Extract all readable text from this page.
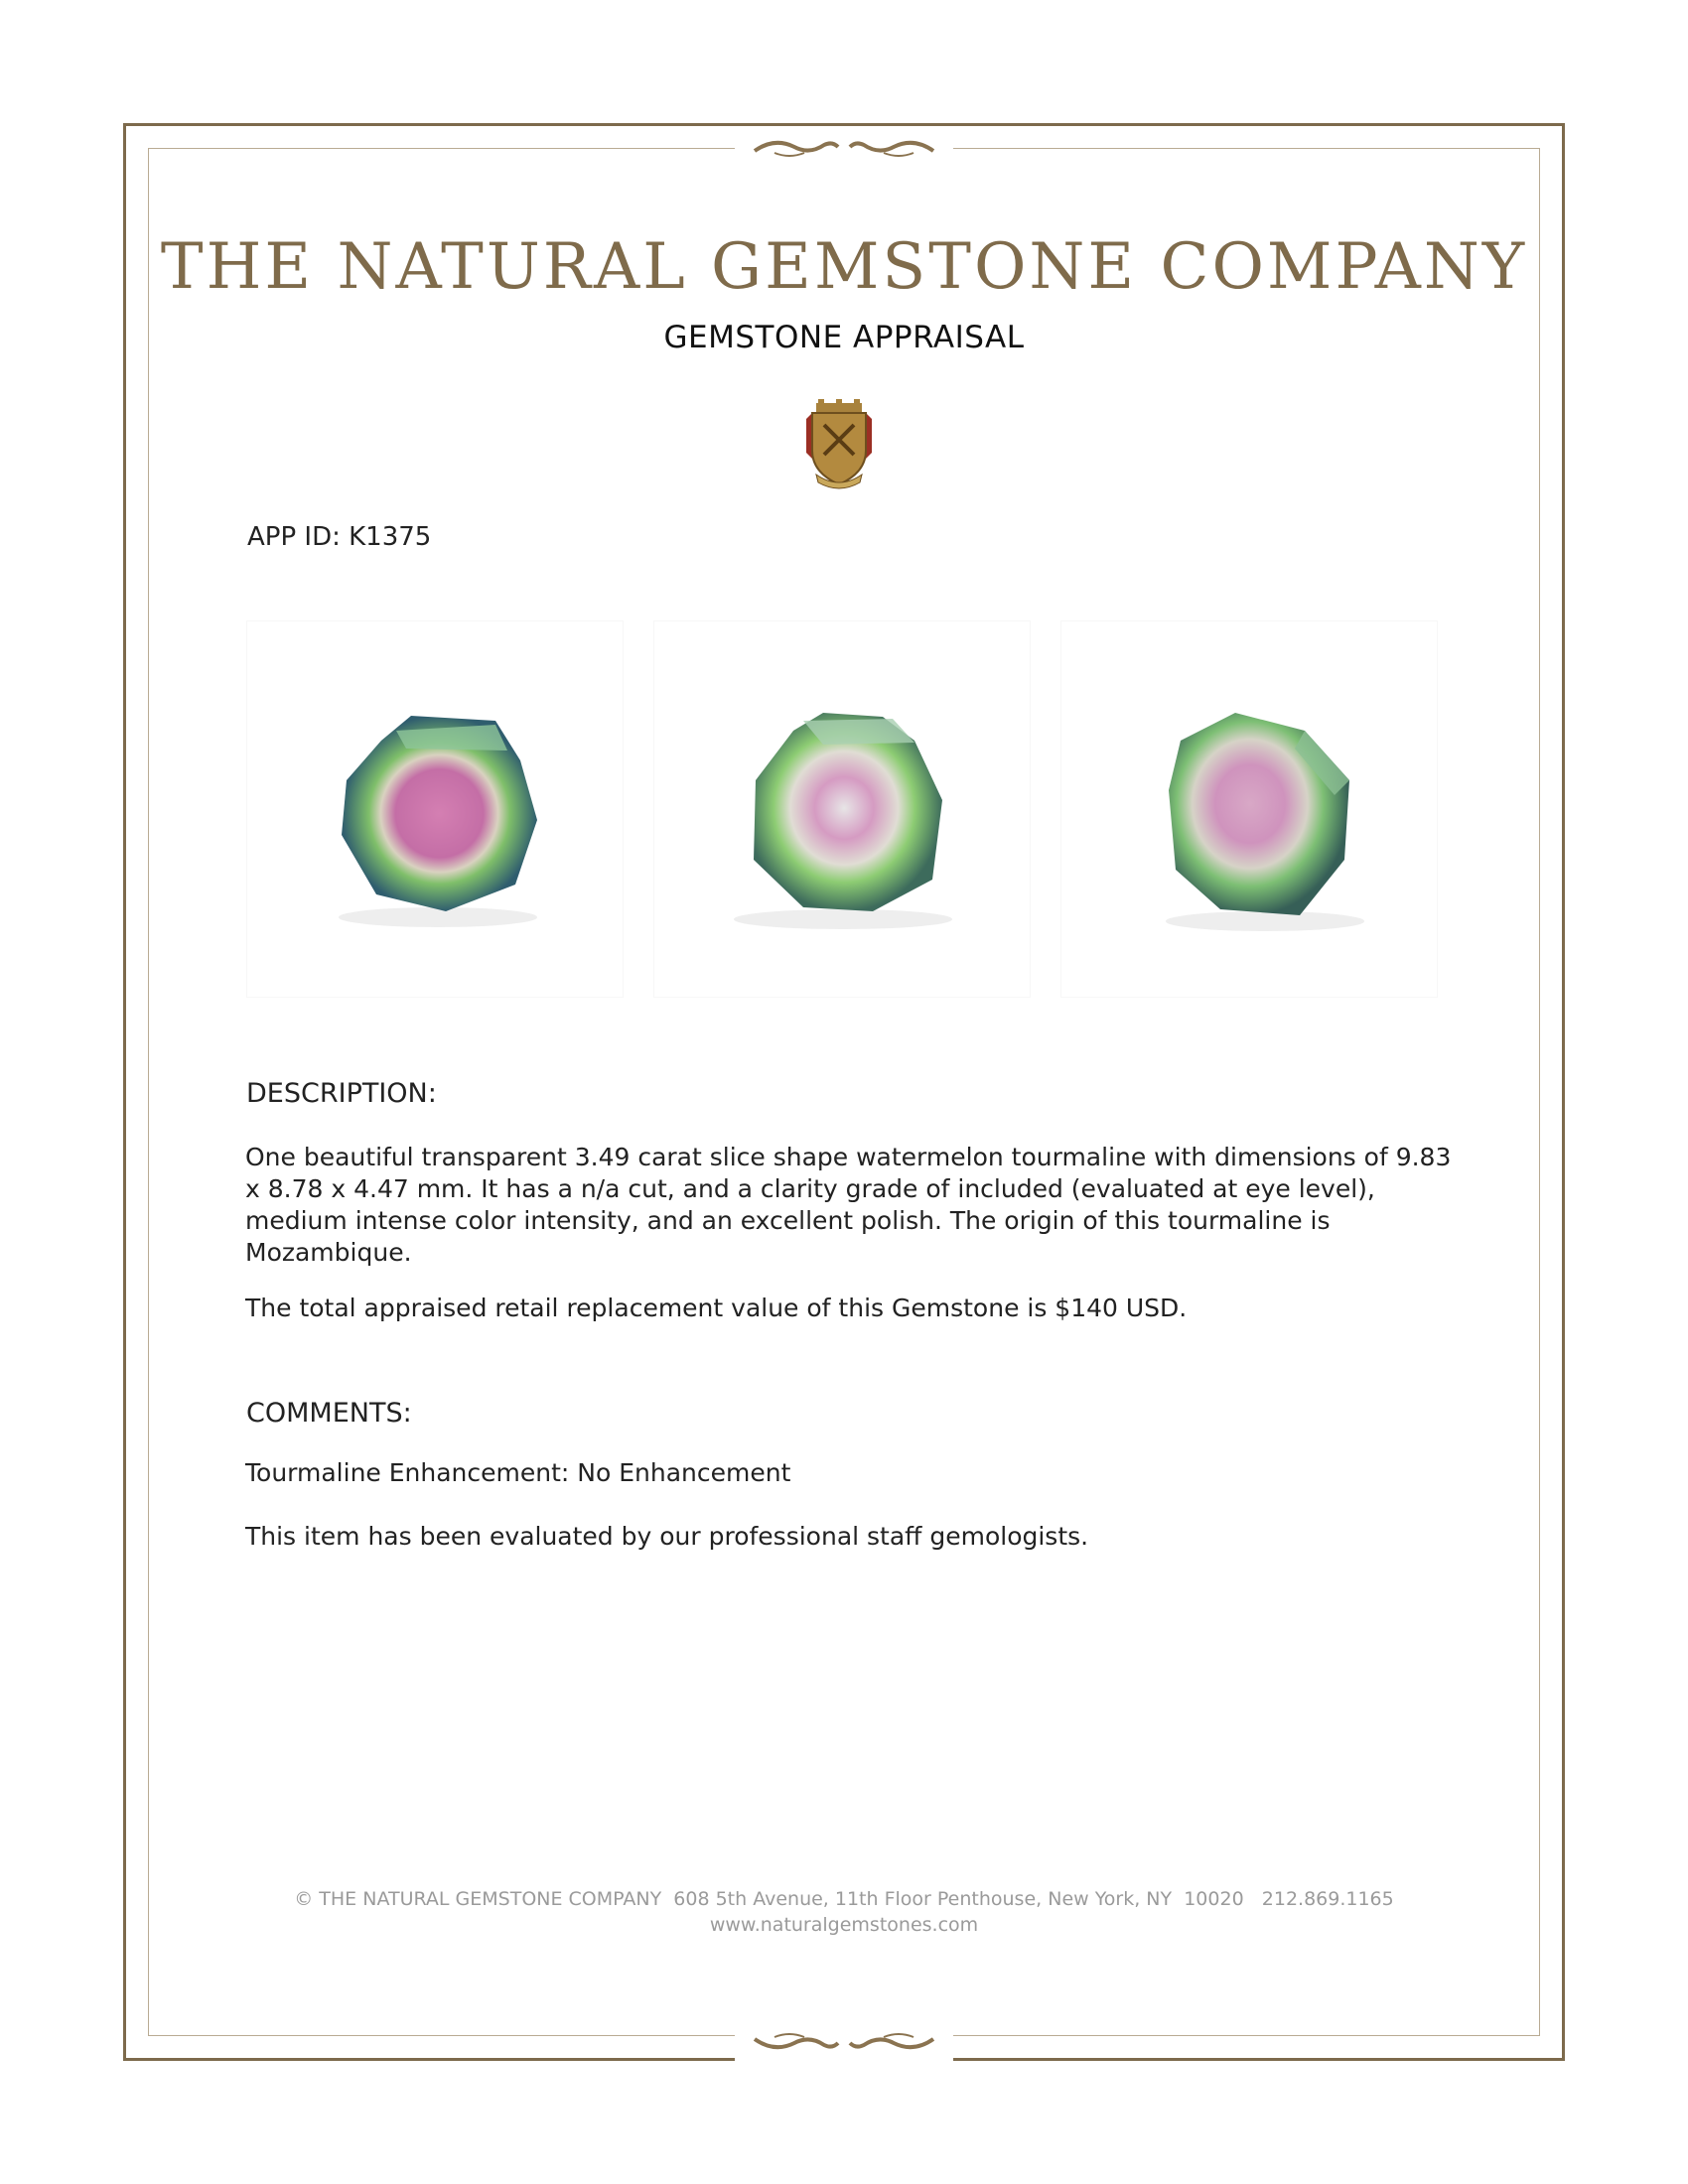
THE NATURAL GEMSTONE COMPANY
GEMSTONE APPRAISAL
APP ID: K1375
DESCRIPTION:
One beautiful transparent 3.49 carat slice shape watermelon tourmaline with dimensions of 9.83 x 8.78 x 4.47 mm. It has a n/a cut, and a clarity grade of included (evaluated at eye level), medium intense color intensity, and an excellent polish. The origin of this tourmaline is Mozambique.
The total appraised retail replacement value of this Gemstone is $140 USD.
COMMENTS:
Tourmaline Enhancement: No Enhancement
This item has been evaluated by our professional staff gemologists.
© THE NATURAL GEMSTONE COMPANY  608 5th Avenue, 11th Floor Penthouse, New York, NY  10020   212.869.1165
www.naturalgemstones.com
